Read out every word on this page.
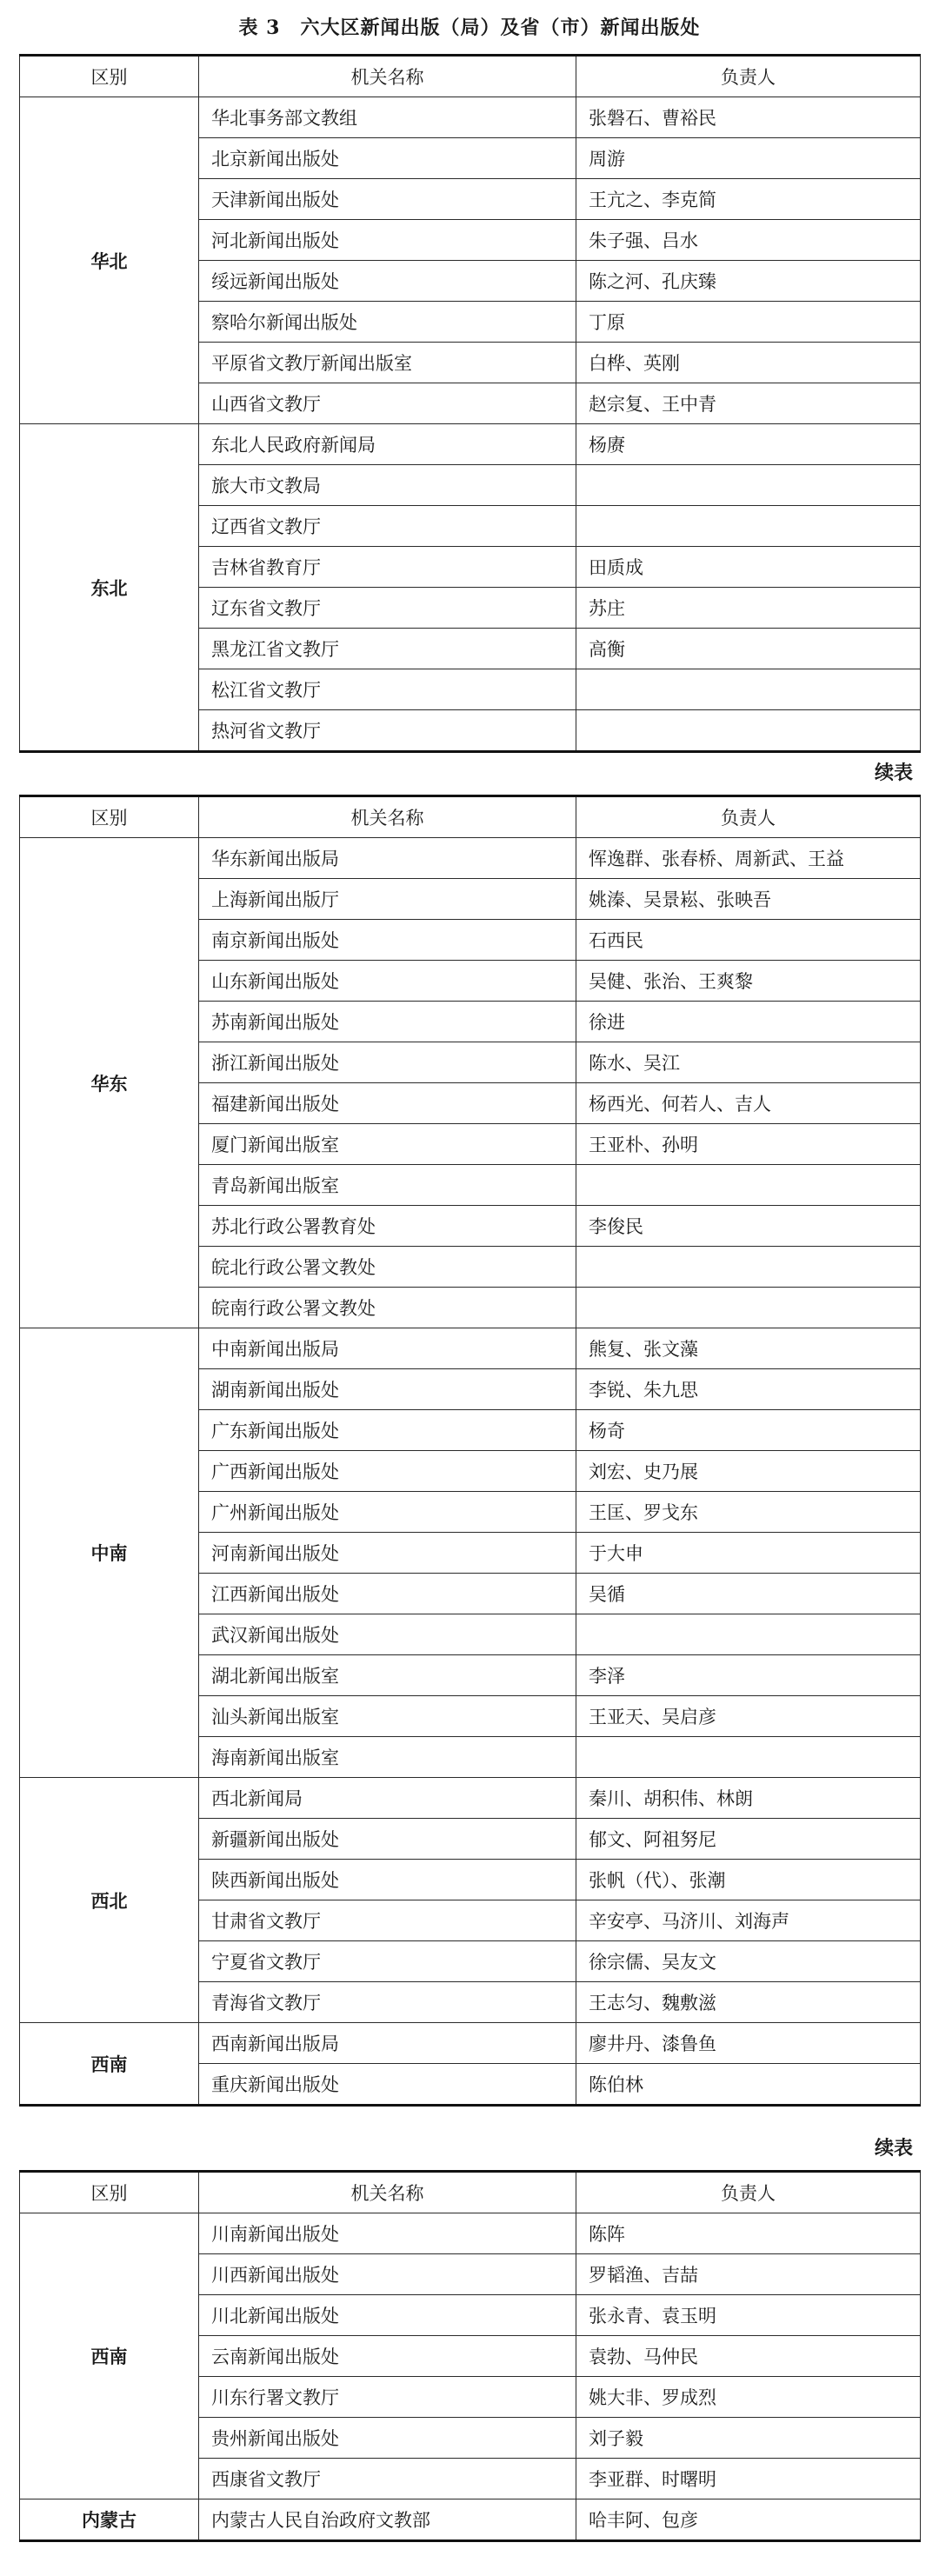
表 3　六大区新闻出版（局）及省（市）新闻出版处
区别	机关名称	负责人
华北	华北事务部文教组	张磐石、曹裕民
	北京新闻出版处	周游
	天津新闻出版处	王亢之、李克简
	河北新闻出版处	朱子强、吕水
	绥远新闻出版处	陈之河、孔庆臻
	察哈尔新闻出版处	丁原
	平原省文教厅新闻出版室	白桦、英刚
	山西省文教厅	赵宗复、王中青
东北	东北人民政府新闻局	杨赓
	旅大市文教局	
	辽西省文教厅	
	吉林省教育厅	田质成
	辽东省文教厅	苏庄
	黑龙江省文教厅	高衡
	松江省文教厅	
	热河省文教厅	
续表
区别	机关名称	负责人
华东	华东新闻出版局	恽逸群、张春桥、周新武、王益
	上海新闻出版厅	姚溱、吴景崧、张映吾
	南京新闻出版处	石西民
	山东新闻出版处	吴健、张治、王爽黎
	苏南新闻出版处	徐进
	浙江新闻出版处	陈水、吴江
	福建新闻出版处	杨西光、何若人、吉人
	厦门新闻出版室	王亚朴、孙明
	青岛新闻出版室	
	苏北行政公署教育处	李俊民
	皖北行政公署文教处	
	皖南行政公署文教处	
中南	中南新闻出版局	熊复、张文藻
	湖南新闻出版处	李锐、朱九思
	广东新闻出版处	杨奇
	广西新闻出版处	刘宏、史乃展
	广州新闻出版处	王匡、罗戈东
	河南新闻出版处	于大申
	江西新闻出版处	吴循
	武汉新闻出版处	
	湖北新闻出版室	李泽
	汕头新闻出版室	王亚天、吴启彦
	海南新闻出版室	
西北	西北新闻局	秦川、胡积伟、林朗
	新疆新闻出版处	郁文、阿祖努尼
	陕西新闻出版处	张帆（代）、张潮
	甘肃省文教厅	辛安亭、马济川、刘海声
	宁夏省文教厅	徐宗儒、吴友文
	青海省文教厅	王志匀、魏敷滋
西南	西南新闻出版局	廖井丹、漆鲁鱼
	重庆新闻出版处	陈伯林
续表
区别	机关名称	负责人
西南	川南新闻出版处	陈阵
	川西新闻出版处	罗韬渔、吉喆
	川北新闻出版处	张永青、袁玉明
	云南新闻出版处	袁勃、马仲民
	川东行署文教厅	姚大非、罗成烈
	贵州新闻出版处	刘子毅
	西康省文教厅	李亚群、时曙明
内蒙古	内蒙古人民自治政府文教部	哈丰阿、包彦
